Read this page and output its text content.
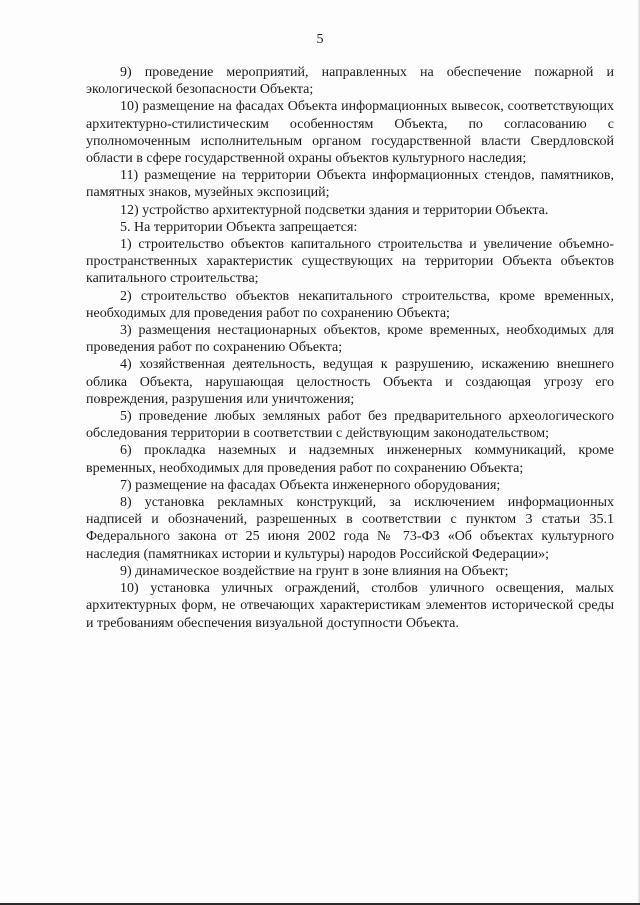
5

9) проведение мероприятий, направленных на обеспечение пожарной и экологической безопасности Объекта;

10) размещение на фасадах Объекта информационных вывесок, соответствующих архитектурно-стилистическим особенностям Объекта, по согласованию с уполномоченным исполнительным органом государственной власти Свердловской области в сфере государственной охраны объектов культурного наследия;

11) размещение на территории Объекта информационных стендов, памятников, памятных знаков, музейных экспозиций;

12) устройство архитектурной подсветки здания и территории Объекта.

5. На территории Объекта запрещается:

1) строительство объектов капитального строительства и увеличение объемно-пространственных характеристик существующих на территории Объекта объектов капитального строительства;

2) строительство объектов некапитального строительства, кроме временных, необходимых для проведения работ по сохранению Объекта;

3) размещения нестационарных объектов, кроме временных, необходимых для проведения работ по сохранению Объекта;

4) хозяйственная деятельность, ведущая к разрушению, искажению внешнего облика Объекта, нарушающая целостность Объекта и создающая угрозу его повреждения, разрушения или уничтожения;

5) проведение любых земляных работ без предварительного археологического обследования территории в соответствии с действующим законодательством;

6) прокладка наземных и надземных инженерных коммуникаций, кроме временных, необходимых для проведения работ по сохранению Объекта;

7) размещение на фасадах Объекта инженерного оборудования;

8) установка рекламных конструкций, за исключением информационных надписей и обозначений, разрешенных в соответствии с пунктом 3 статьи 35.1 Федерального закона от 25 июня 2002 года № 73-ФЗ «Об объектах культурного наследия (памятниках истории и культуры) народов Российской Федерации»;

9) динамическое воздействие на грунт в зоне влияния на Объект;

10) установка уличных ограждений, столбов уличного освещения, малых архитектурных форм, не отвечающих характеристикам элементов исторической среды и требованиям обеспечения визуальной доступности Объекта.
